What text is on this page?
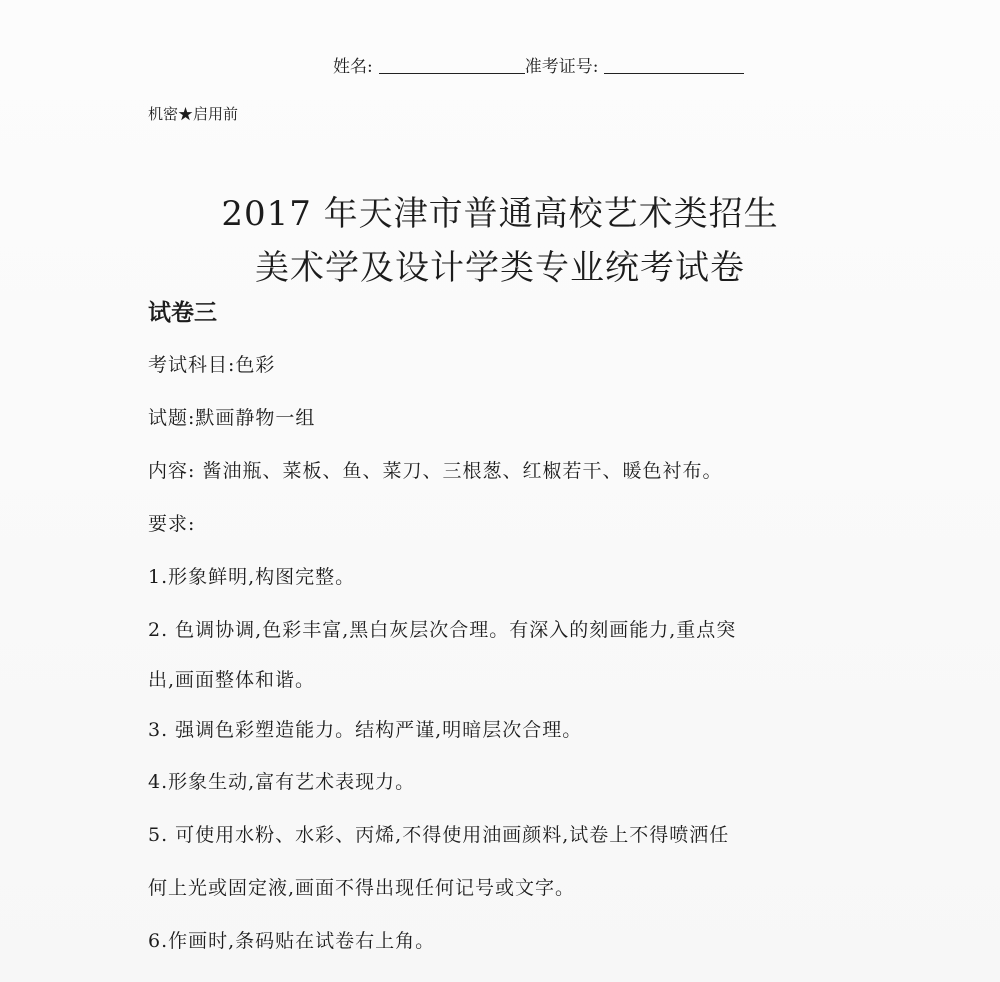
姓名:	准考证号:
机密★启用前
2017 年天津市普通高校艺术类招生
美术学及设计学类专业统考试卷
试卷三
考试科目:色彩
试题:默画静物一组
内容: 酱油瓶、菜板、鱼、菜刀、三根葱、红椒若干、暖色衬布。
要求:
1.形象鲜明,构图完整。
2. 色调协调,色彩丰富,黑白灰层次合理。有深入的刻画能力,重点突
出,画面整体和谐。
3. 强调色彩塑造能力。结构严谨,明暗层次合理。
4.形象生动,富有艺术表现力。
5. 可使用水粉、水彩、丙烯,不得使用油画颜料,试卷上不得喷洒任
何上光或固定液,画面不得出现任何记号或文字。
6.作画时,条码贴在试卷右上角。
